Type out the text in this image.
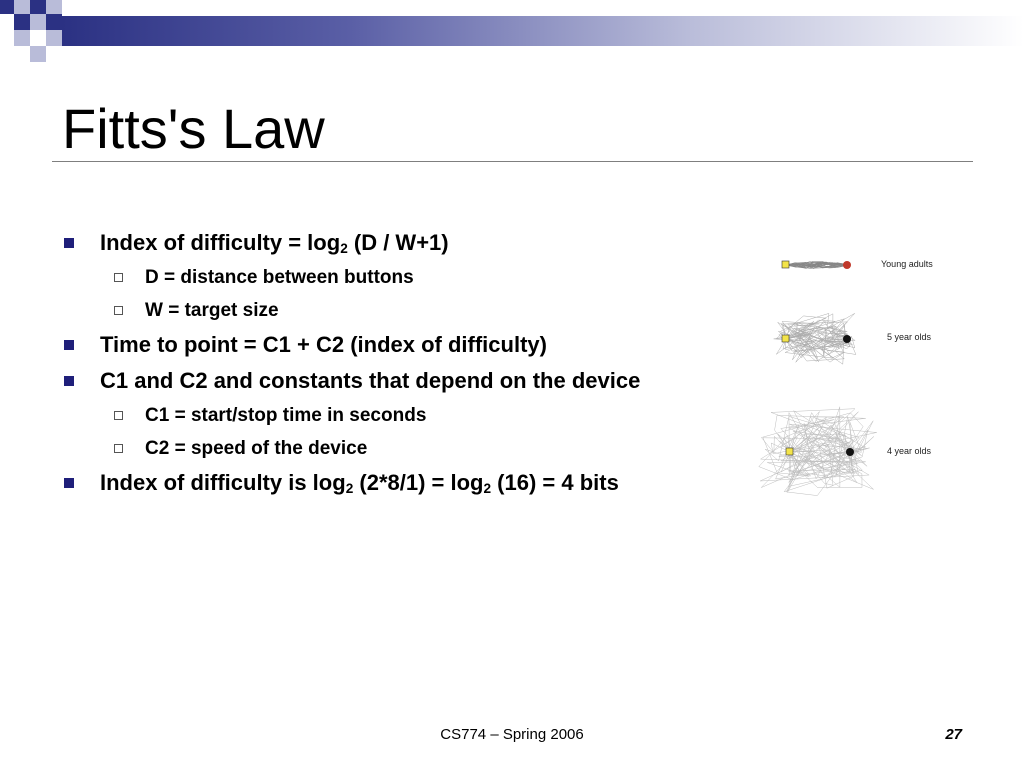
Fitts's Law
Index of difficulty = $\log_2 (D / W+1)$
D = distance between buttons
W = target size
Time to point = C1 + C2 (index of difficulty)
C1 and C2 and constants that depend on the device
C1 = start/stop time in seconds
C2 = speed of the device
Index of difficulty is $\log_2 (2*8/1) = \log_2 (16) = 4$ bits
Young adults
5 year olds
4 year olds
CS774 – Spring 2006	27
